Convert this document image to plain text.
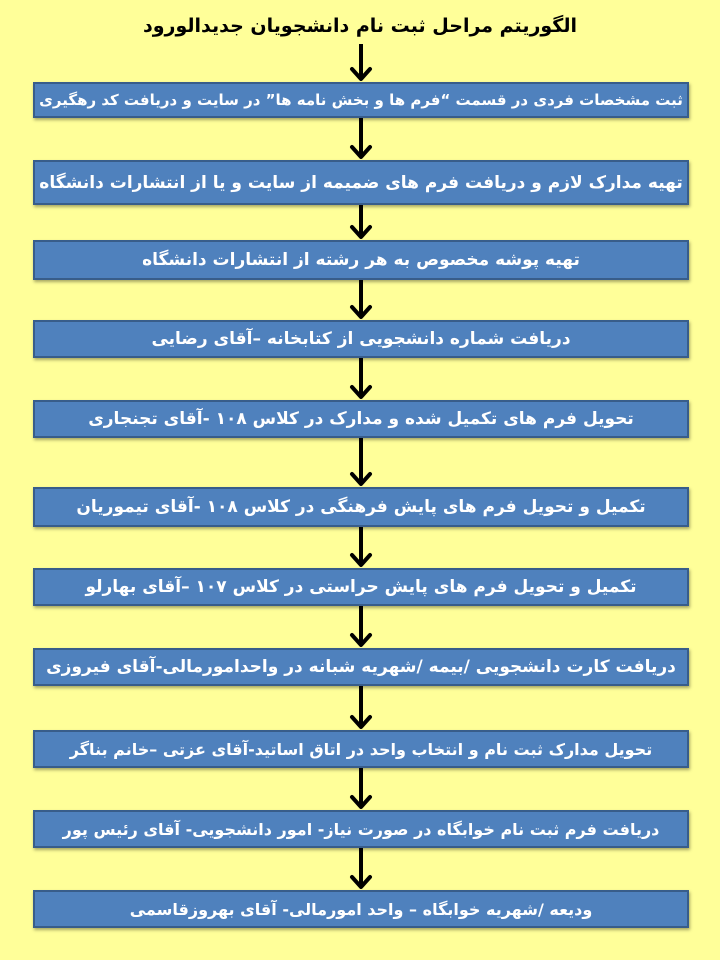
الگوریتم مراحل ثبت نام دانشجویان جدیدالورود
ثبت مشخصات فردی در قسمت “فرم ها و بخش نامه ها” در سایت و دریافت کد رهگیری
تهیه مدارک لازم و دریافت فرم های ضمیمه از سایت و یا از انتشارات دانشگاه
تهیه پوشه مخصوص به هر رشته از انتشارات دانشگاه
دریافت شماره دانشجویی از کتابخانه –آقای رضایی
تحویل فرم های تکمیل شده و مدارک در کلاس ۱۰۸ -آقای تجنجاری
تکمیل و تحویل فرم های پایش فرهنگی در کلاس ۱۰۸ -آقای تیموریان
تکمیل و تحویل فرم های پایش حراستی در کلاس ۱۰۷ –آقای بهارلو
دریافت کارت دانشجویی /بیمه /شهریه شبانه در واحدامورمالی-آقای فیروزی
تحویل مدارک ثبت نام و انتخاب واحد در اتاق اساتید-آقای عزتی –خانم بناگر
دریافت فرم ثبت نام خوابگاه در صورت نیاز- امور دانشجویی- آقای رئیس پور
ودیعه /شهریه خوابگاه – واحد امورمالی- آقای بهروزقاسمی
